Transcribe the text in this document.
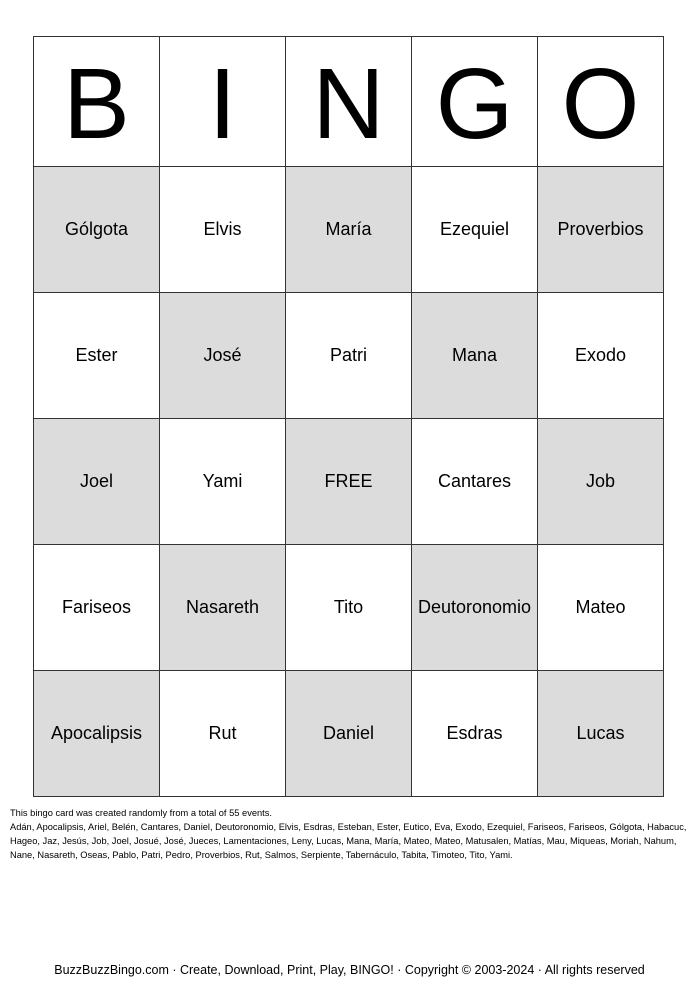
B	I	N	G	O
Gólgota	Elvis	María	Ezequiel	Proverbios
Ester	José	Patri	Mana	Exodo
Joel	Yami	FREE	Cantares	Job
Fariseos	Nasareth	Tito	Deutoronomio	Mateo
Apocalipsis	Rut	Daniel	Esdras	Lucas
This bingo card was created randomly from a total of 55 events.
Adán, Apocalipsis, Ariel, Belén, Cantares, Daniel, Deutoronomio, Elvis, Esdras, Esteban, Ester, Eutico, Eva, Exodo, Ezequiel, Fariseos, Fariseos, Gólgota, Habacuc, Hageo, Jaz, Jesús, Job, Joel, Josué, José, Jueces, Lamentaciones, Leny, Lucas, Mana, María, Mateo, Mateo, Matusalen, Matías, Mau, Miqueas, Moriah, Nahum, Nane, Nasareth, Oseas, Pablo, Patri, Pedro, Proverbios, Rut, Salmos, Serpiente, Tabernáculo, Tabita, Timoteo, Tito, Yami.
BuzzBuzzBingo.com · Create, Download, Print, Play, BINGO! · Copyright © 2003-2024 · All rights reserved
